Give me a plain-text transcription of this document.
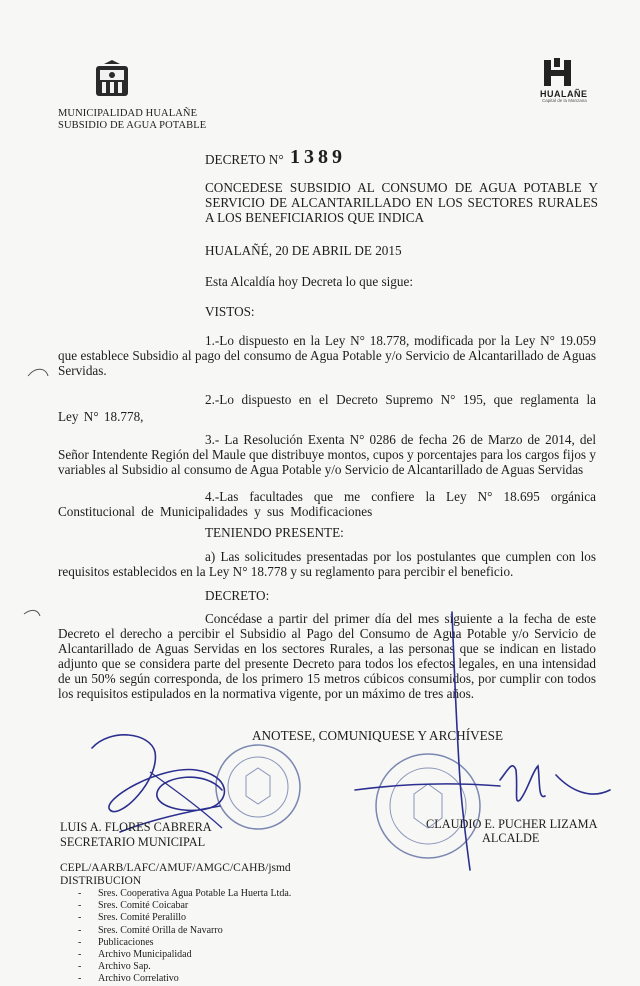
MUNICIPALIDAD HUALAÑE
SUBSIDIO DE AGUA POTABLE
HUALAÑE
Capital de la Manzana
DECRETO N° 1389
CONCEDESE SUBSIDIO AL CONSUMO DE AGUA POTABLE Y SERVICIO DE ALCANTARILLADO EN LOS SECTORES RURALES A LOS BENEFICIARIOS QUE INDICA
HUALAÑÉ, 20 DE ABRIL DE 2015
Esta Alcaldía hoy Decreta lo que sigue:
VISTOS:
1.-Lo dispuesto en la Ley N° 18.778, modificada por la Ley N° 19.059 que establece Subsidio al pago del consumo de Agua Potable y/o Servicio de Alcantarillado de Aguas Servidas.
2.-Lo dispuesto en el Decreto Supremo N° 195, que reglamenta la Ley N° 18.778,
3.- La Resolución Exenta N° 0286 de fecha 26 de Marzo de 2014, del Señor Intendente Región del Maule que distribuye montos, cupos y porcentajes para los cargos fijos y variables al Subsidio al consumo de Agua Potable y/o Servicio de Alcantarillado de Aguas Servidas
4.-Las facultades que me confiere la Ley N° 18.695 orgánica Constitucional de Municipalidades y sus Modificaciones
TENIENDO PRESENTE:
a) Las solicitudes presentadas por los postulantes que cumplen con los requisitos establecidos en la Ley N° 18.778 y su reglamento para percibir el beneficio.
DECRETO:
Concédase a partir del primer día del mes siguiente a la fecha de este Decreto el derecho a percibir el Subsidio al Pago del Consumo de Agua Potable y/o Servicio de Alcantarillado de Aguas Servidas en los sectores Rurales, a las personas que se indican en listado adjunto que se considera parte del presente Decreto para todos los efectos legales, en una intensidad de un 50% según corresponda, de los primero 15 metros cúbicos consumidos, por cumplir con todos los requisitos estipulados en la normativa vigente, por un máximo de tres años.
ANOTESE, COMUNIQUESE Y ARCHÍVESE
LUIS A. FLORES CABRERA
SECRETARIO MUNICIPAL
CLAUDIO E. PUCHER LIZAMA
ALCALDE
CEPL/AARB/LAFC/AMUF/AMGC/CAHB/jsmd
DISTRIBUCION
-	Sres. Cooperativa Agua Potable La Huerta Ltda.
-	Sres. Comité Coicabar
-	Sres. Comité Peralillo
-	Sres. Comité Orilla de Navarro
-	Publicaciones
-	Archivo Municipalidad
-	Archivo Sap.
-	Archivo Correlativo
